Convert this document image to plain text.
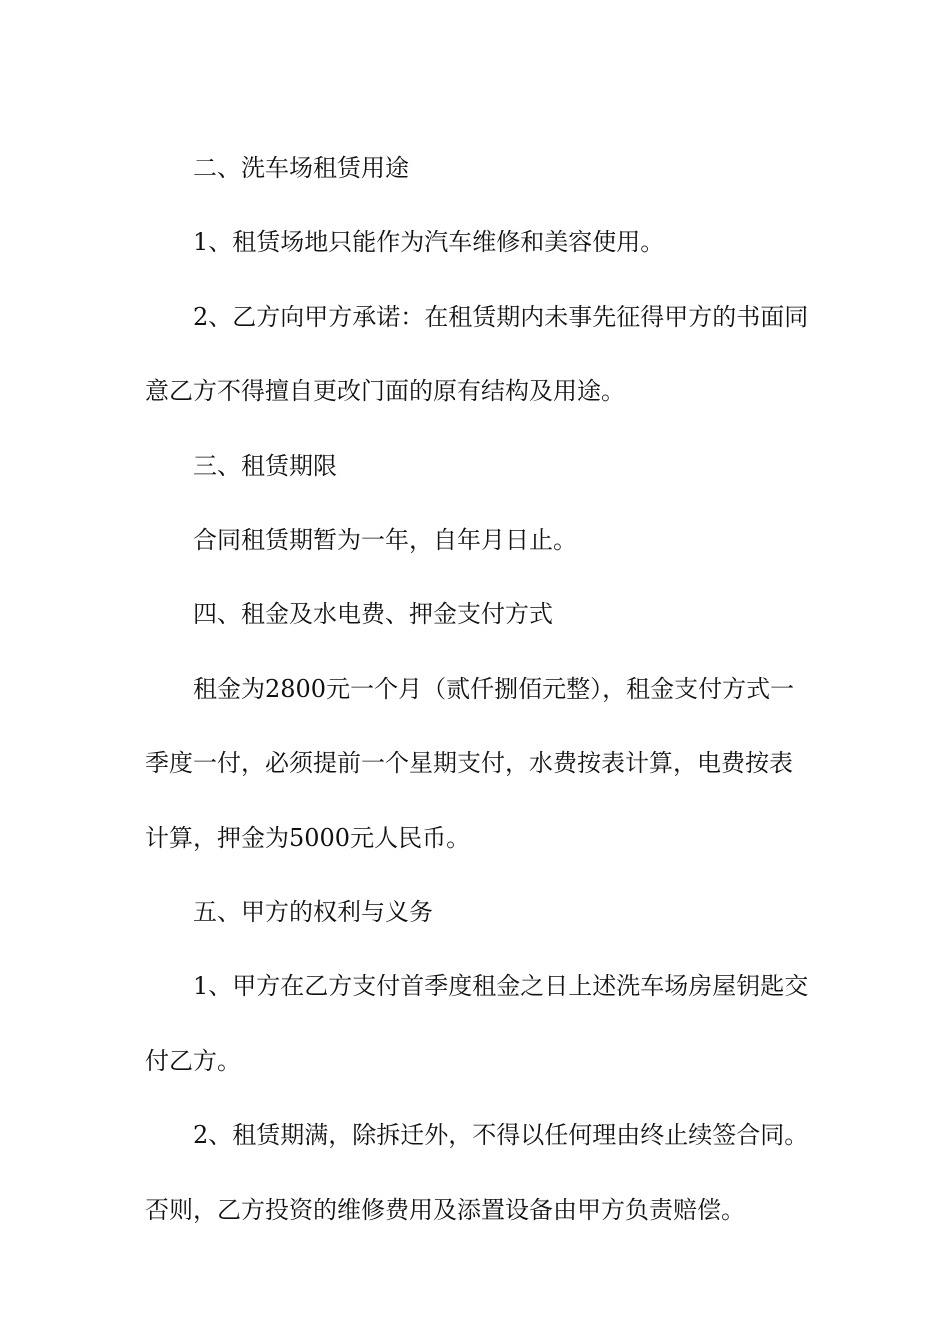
二、洗车场租赁用途

1、租赁场地只能作为汽车维修和美容使用。

2、乙方向甲方承诺：在租赁期内未事先征得甲方的书面同意乙方不得擅自更改门面的原有结构及用途。

三、租赁期限

合同租赁期暂为一年，自年月日止。

四、租金及水电费、押金支付方式

租金为2800元一个月（贰仟捌佰元整），租金支付方式一季度一付，必须提前一个星期支付，水费按表计算，电费按表计算，押金为5000元人民币。

五、甲方的权利与义务

1、甲方在乙方支付首季度租金之日上述洗车场房屋钥匙交付乙方。

2、租赁期满，除拆迁外，不得以任何理由终止续签合同。否则，乙方投资的维修费用及添置设备由甲方负责赔偿。
